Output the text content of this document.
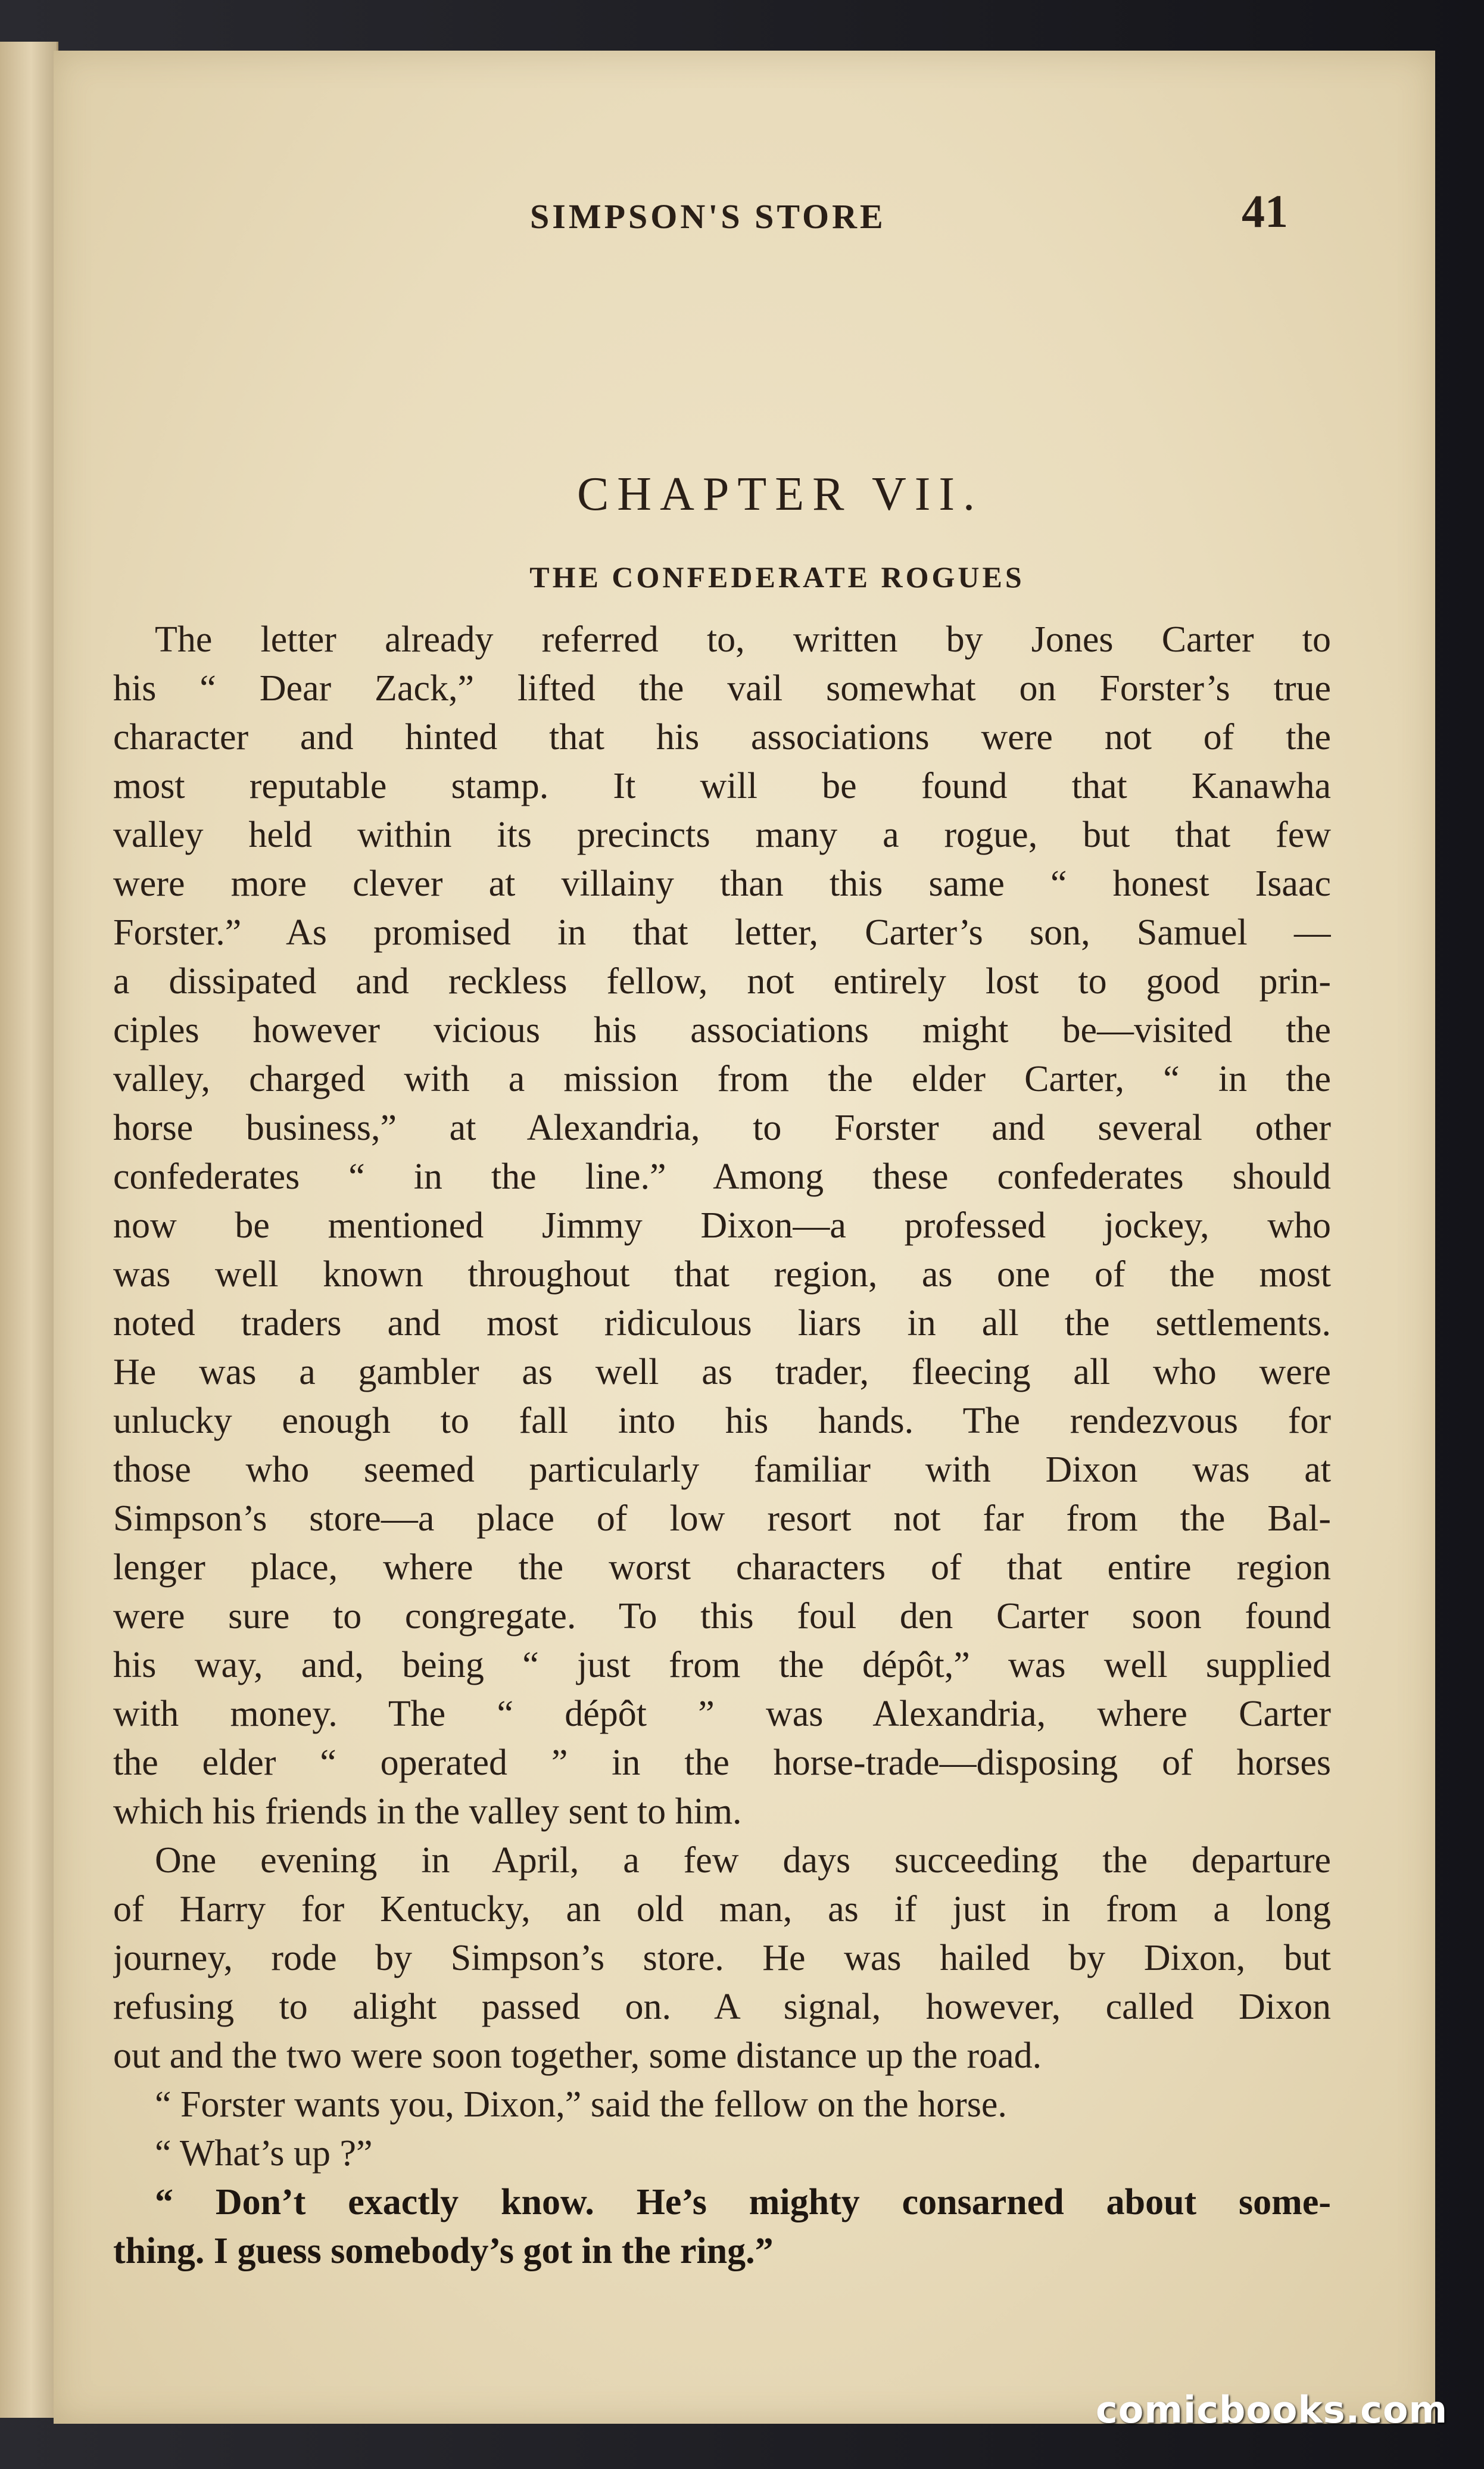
SIMPSON'S STORE	41
CHAPTER VII.
THE CONFEDERATE ROGUES
The letter already referred to, written by Jones Carter to
his “ Dear Zack,” lifted the vail somewhat on Forster’s true
character and hinted that his associations were not of the
most reputable stamp. It will be found that Kanawha
valley held within its precincts many a rogue, but that few
were more clever at villainy than this same “ honest Isaac
Forster.” As promised in that letter, Carter’s son, Samuel —
a dissipated and reckless fellow, not entirely lost to good prin-
ciples however vicious his associations might be—visited the
valley, charged with a mission from the elder Carter, “ in the
horse business,” at Alexandria, to Forster and several other
confederates “ in the line.” Among these confederates should
now be mentioned Jimmy Dixon—a professed jockey, who
was well known throughout that region, as one of the most
noted traders and most ridiculous liars in all the settlements.
He was a gambler as well as trader, fleecing all who were
unlucky enough to fall into his hands. The rendezvous for
those who seemed particularly familiar with Dixon was at
Simpson’s store—a place of low resort not far from the Bal-
lenger place, where the worst characters of that entire region
were sure to congregate. To this foul den Carter soon found
his way, and, being “ just from the dépôt,” was well supplied
with money. The “ dépôt ” was Alexandria, where Carter
the elder “ operated ” in the horse-trade—disposing of horses
which his friends in the valley sent to him.
One evening in April, a few days succeeding the departure
of Harry for Kentucky, an old man, as if just in from a long
journey, rode by Simpson’s store. He was hailed by Dixon, but
refusing to alight passed on. A signal, however, called Dixon
out and the two were soon together, some distance up the road.
“ Forster wants you, Dixon,” said the fellow on the horse.
“ What’s up ?”
“ Don’t exactly know. He’s mighty consarned about some-
thing. I guess somebody’s got in the ring.”
comicbooks.com
